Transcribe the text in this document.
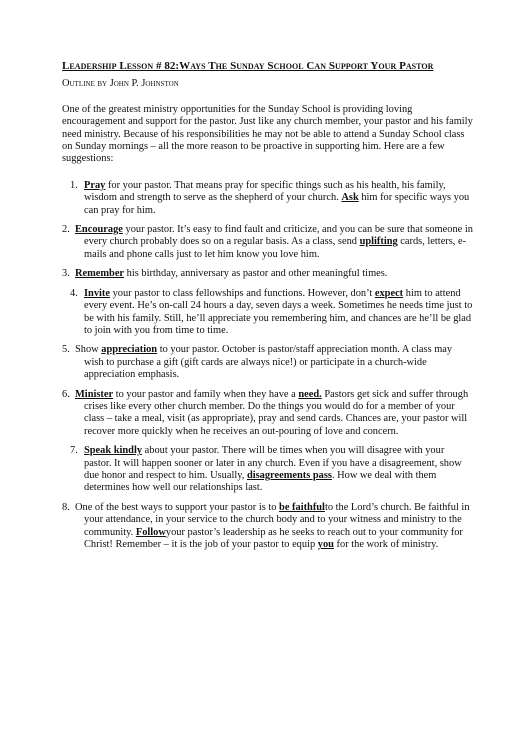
Leadership Lesson # 82:Ways The Sunday School Can Support Your Pastor
Outline by John P. Johnston

One of the greatest ministry opportunities for the Sunday School is providing loving encouragement and support for the pastor. Just like any church member, your pastor and his family need ministry. Because of his responsibilities he may not be able to attend a Sunday School class on Sunday mornings – all the more reason to be proactive in supporting him. Here are a few suggestions:

1. Pray for your pastor. That means pray for specific things such as his health, his family, wisdom and strength to serve as the shepherd of your church. Ask him for specific ways you can pray for him.
2. Encourage your pastor. It’s easy to find fault and criticize, and you can be sure that someone in every church probably does so on a regular basis. As a class, send uplifting cards, letters, e-mails and phone calls just to let him know you love him.
3. Remember his birthday, anniversary as pastor and other meaningful times.
4. Invite your pastor to class fellowships and functions. However, don’t expect him to attend every event. He’s on-call 24 hours a day, seven days a week. Sometimes he needs time just to be with his family. Still, he’ll appreciate you remembering him, and chances are he’ll be glad to join with you from time to time.
5. Show appreciation to your pastor. October is pastor/staff appreciation month. A class may wish to purchase a gift (gift cards are always nice!) or participate in a church-wide appreciation emphasis.
6. Minister to your pastor and family when they have a need. Pastors get sick and suffer through crises like every other church member. Do the things you would do for a member of your class – take a meal, visit (as appropriate), pray and send cards. Chances are, your pastor will recover more quickly when he receives an out-pouring of love and concern.
7. Speak kindly about your pastor. There will be times when you will disagree with your pastor. It will happen sooner or later in any church. Even if you have a disagreement, show due honor and respect to him. Usually, disagreements pass. How we deal with them determines how well our relationships last.
8. One of the best ways to support your pastor is to be faithfulto the Lord’s church. Be faithful in your attendance, in your service to the church body and to your witness and ministry to the community. Followyour pastor’s leadership as he seeks to reach out to your community for Christ! Remember – it is the job of your pastor to equip you for the work of ministry.
